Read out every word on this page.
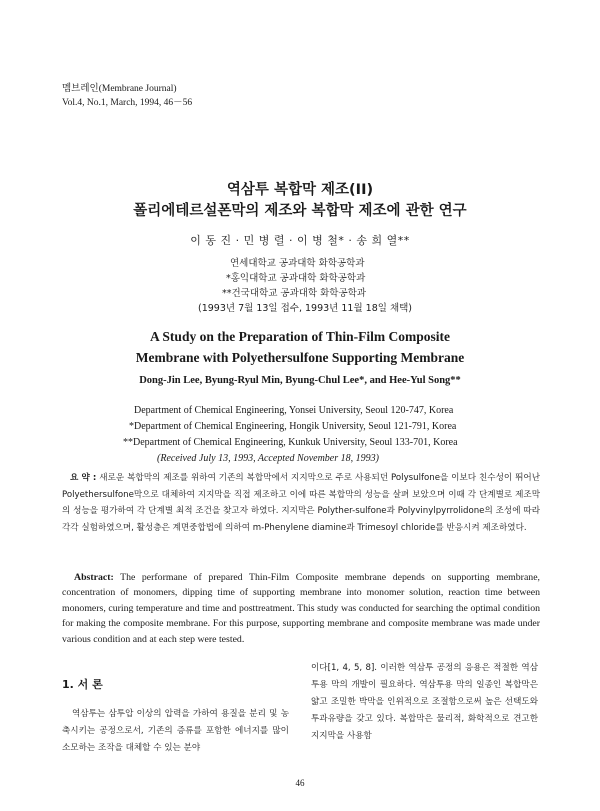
멤브레인(Membrane Journal)
Vol.4, No.1, March, 1994, 46－56
역삼투 복합막 제조(II)
폴리에테르설폰막의 제조와 복합막 제조에 관한 연구
이 동 진 · 민 병 렬 · 이 병 철* · 송 희 열**
연세대학교 공과대학 화학공학과
*홍익대학교 공과대학 화학공학과
**건국대학교 공과대학 화학공학과
(1993년 7월 13일 접수, 1993년 11월 18일 채택)
A Study on the Preparation of Thin-Film Composite
Membrane with Polyethersulfone Supporting Membrane
Dong-Jin Lee, Byung-Ryul Min, Byung-Chul Lee*, and Hee-Yul Song**
Department of Chemical Engineering, Yonsei University, Seoul 120-747, Korea
*Department of Chemical Engineering, Hongik University, Seoul 121-791, Korea
**Department of Chemical Engineering, Kunkuk University, Seoul 133-701, Korea
(Received July 13, 1993, Accepted November 18, 1993)
요 약 : 새로운 복합막의 제조를 위하여 기존의 복합막에서 지지막으로 주로 사용되던 Polysulfone을 이보다 친수성이 뛰어난 Polyethersulfone막으로 대체하여 지지막을 직접 제조하고 이에 따른 복합막의 성능을 살펴 보았으며 이때 각 단계별로 제조막의 성능을 평가하여 각 단계별 최적 조건을 찾고자 하였다. 지지막은 Polyther-sulfone과 Polyvinylpyrrolidone의 조성에 따라 각각 실험하였으며, 활성층은 계면중합법에 의하여 m-Phenylene diamine과 Trimesoyl chloride를 반응시켜 제조하였다.
Abstract: The performane of prepared Thin-Film Composite membrane depends on supporting membrane, concentration of monomers, dipping time of supporting membrane into monomer solution, reaction time between monomers, curing temperature and time and posttreatment. This study was conducted for searching the optimal condition for making the composite membrane. For this purpose, supporting membrane and composite membrane was made under various condition and at each step were tested.
1. 서 론
역삼투는 삼투압 이상의 압력을 가하여 용질을 분리 및 농축시키는 공정으로서, 기존의 증류를 포함한 에너지를 많이 소모하는 조작을 대체할 수 있는 분야
이다[1, 4, 5, 8]. 이러한 역삼투 공정의 응용은 적절한 역삼투용 막의 개발이 필요하다. 역삼투용 막의 일종인 복합막은 얇고 조밀한 박막을 인위적으로 조절함으로써 높은 선택도와 투과유량을 갖고 있다. 복합막은 물리적, 화학적으로 견고한 지지막을 사용함
46
